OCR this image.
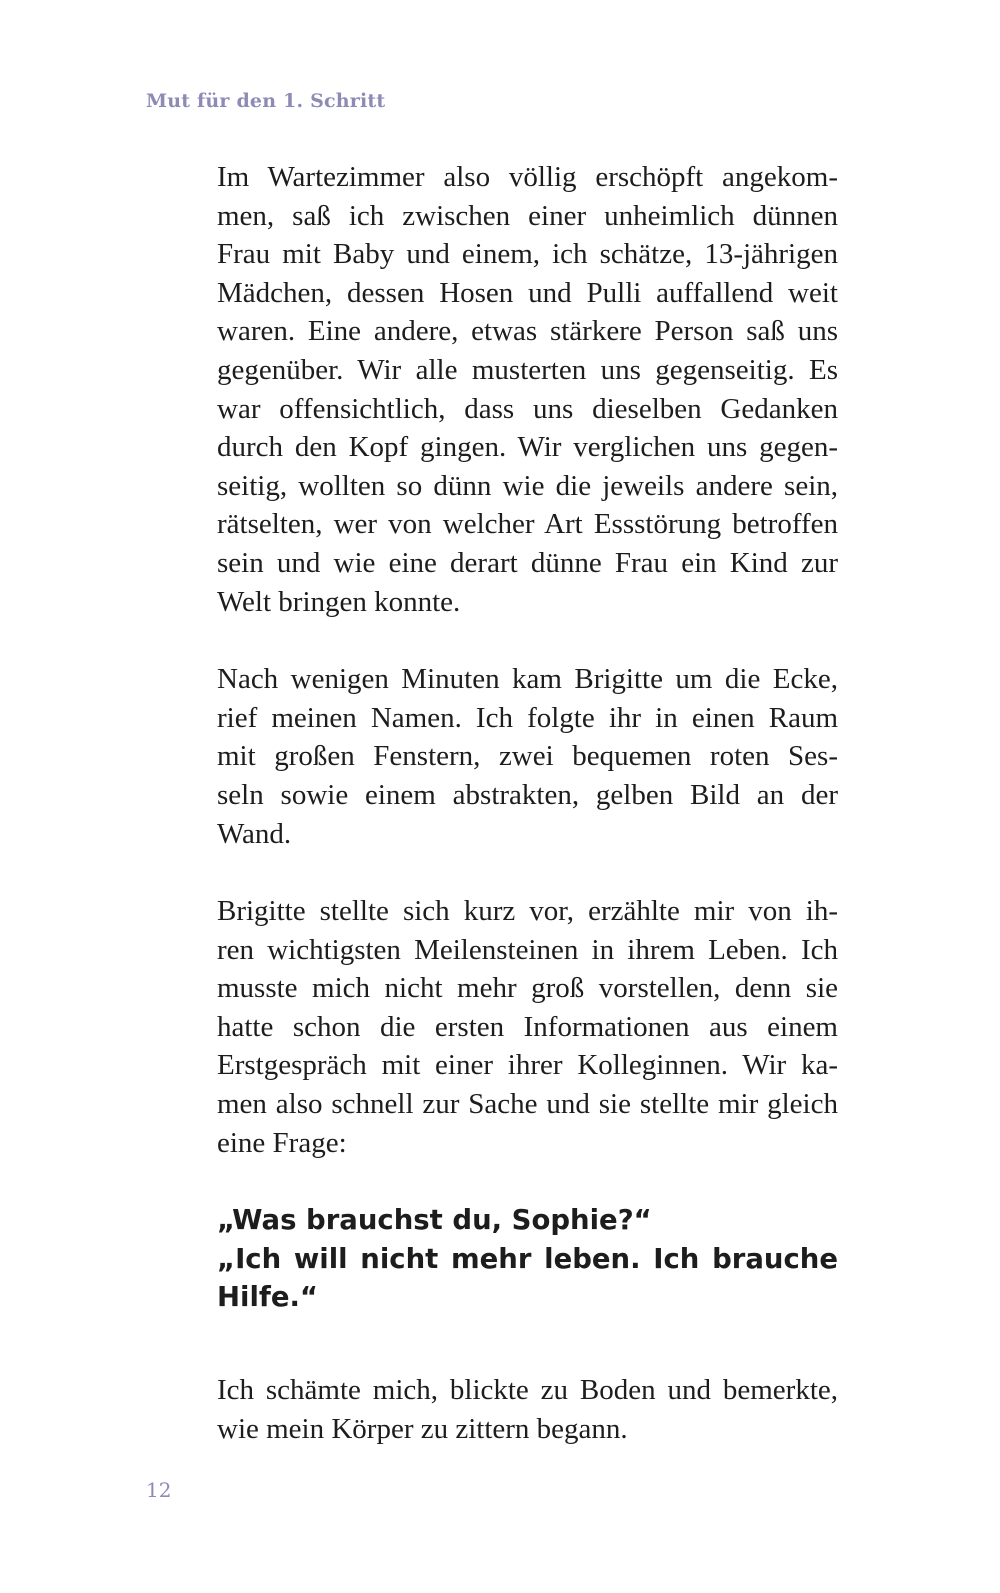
Mut für den 1. Schritt

Im Wartezimmer also völlig erschöpft angekom-
men, saß ich zwischen einer unheimlich dünnen
Frau mit Baby und einem, ich schätze, 13-jährigen
Mädchen, dessen Hosen und Pulli auffallend weit
waren. Eine andere, etwas stärkere Person saß uns
gegenüber. Wir alle musterten uns gegenseitig. Es
war offensichtlich, dass uns dieselben Gedanken
durch den Kopf gingen. Wir verglichen uns gegen-
seitig, wollten so dünn wie die jeweils andere sein,
rätselten, wer von welcher Art Essstörung betroffen
sein und wie eine derart dünne Frau ein Kind zur
Welt bringen konnte.

Nach wenigen Minuten kam Brigitte um die Ecke,
rief meinen Namen. Ich folgte ihr in einen Raum
mit großen Fenstern, zwei bequemen roten Ses-
seln sowie einem abstrakten, gelben Bild an der
Wand.

Brigitte stellte sich kurz vor, erzählte mir von ih-
ren wichtigsten Meilensteinen in ihrem Leben. Ich
musste mich nicht mehr groß vorstellen, denn sie
hatte schon die ersten Informationen aus einem
Erstgespräch mit einer ihrer Kolleginnen. Wir ka-
men also schnell zur Sache und sie stellte mir gleich
eine Frage:

„Was brauchst du, Sophie?“
„Ich will nicht mehr leben. Ich brauche
Hilfe.“

Ich schämte mich, blickte zu Boden und bemerkte,
wie mein Körper zu zittern begann.

12
